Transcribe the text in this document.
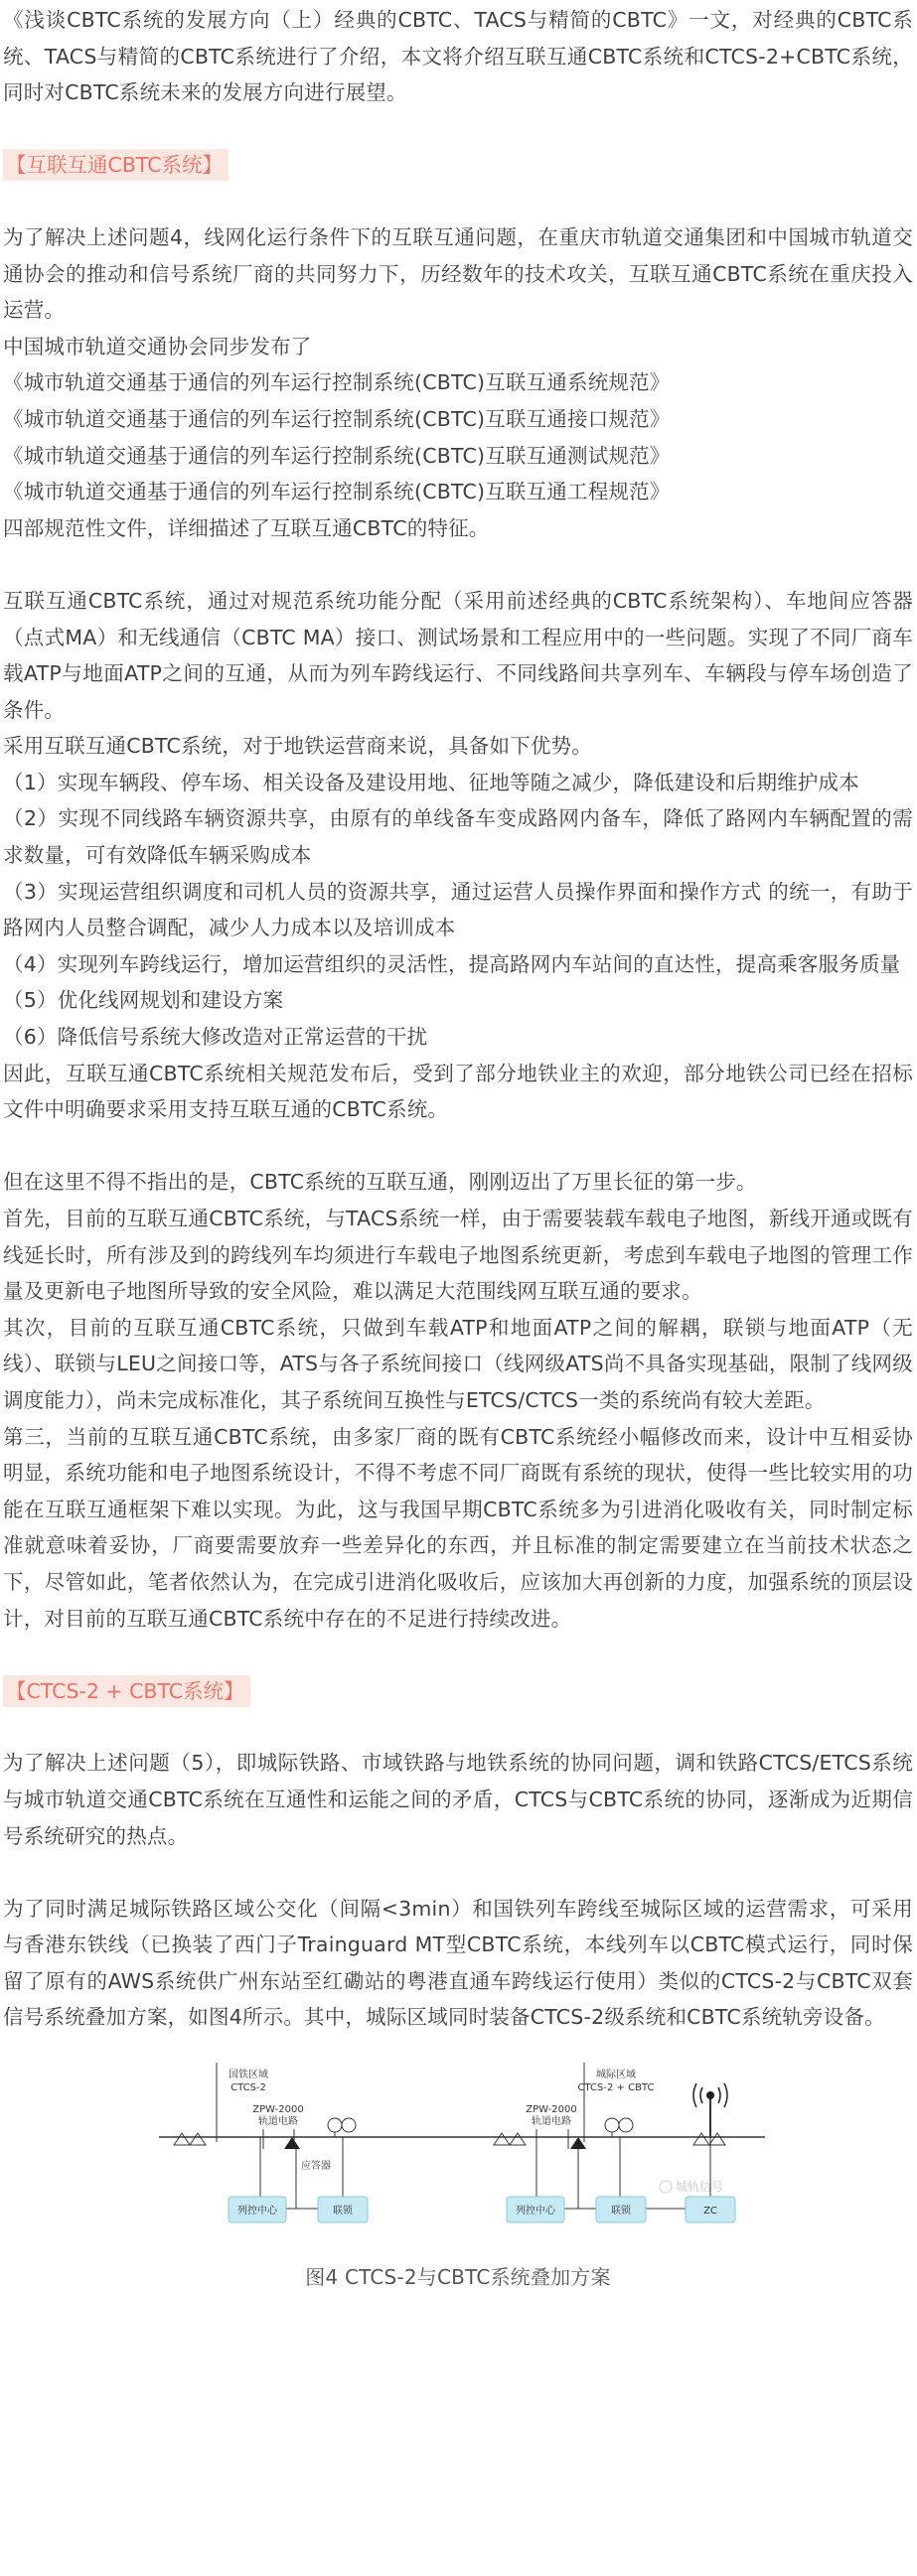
《浅谈CBTC系统的发展方向（上）经典的CBTC、TACS与精简的CBTC》一文，对经典的CBTC系统、TACS与精简的CBTC系统进行了介绍，本文将介绍互联互通CBTC系统和CTCS-2+CBTC系统，同时对CBTC系统未来的发展方向进行展望。

【互联互通CBTC系统】

为了解决上述问题4，线网化运行条件下的互联互通问题，在重庆市轨道交通集团和中国城市轨道交通协会的推动和信号系统厂商的共同努力下，历经数年的技术攻关，互联互通CBTC系统在重庆投入运营。

中国城市轨道交通协会同步发布了

《城市轨道交通基于通信的列车运行控制系统(CBTC)互联互通系统规范》

《城市轨道交通基于通信的列车运行控制系统(CBTC)互联互通接口规范》

《城市轨道交通基于通信的列车运行控制系统(CBTC)互联互通测试规范》

《城市轨道交通基于通信的列车运行控制系统(CBTC)互联互通工程规范》

四部规范性文件，详细描述了互联互通CBTC的特征。

互联互通CBTC系统，通过对规范系统功能分配（采用前述经典的CBTC系统架构）、车地间应答器（点式MA）和无线通信（CBTC MA）接口、测试场景和工程应用中的一些问题。实现了不同厂商车载ATP与地面ATP之间的互通，从而为列车跨线运行、不同线路间共享列车、车辆段与停车场创造了条件。

采用互联互通CBTC系统，对于地铁运营商来说，具备如下优势。

（1）实现车辆段、停车场、相关设备及建设用地、征地等随之减少，降低建设和后期维护成本

（2）实现不同线路车辆资源共享，由原有的单线备车变成路网内备车，降低了路网内车辆配置的需求数量，可有效降低车辆采购成本

（3）实现运营组织调度和司机人员的资源共享，通过运营人员操作界面和操作方式 的统一，有助于路网内人员整合调配，减少人力成本以及培训成本

（4）实现列车跨线运行，增加运营组织的灵活性，提高路网内车站间的直达性，提高乘客服务质量

（5）优化线网规划和建设方案

（6）降低信号系统大修改造对正常运营的干扰

因此，互联互通CBTC系统相关规范发布后，受到了部分地铁业主的欢迎，部分地铁公司已经在招标文件中明确要求采用支持互联互通的CBTC系统。

但在这里不得不指出的是，CBTC系统的互联互通，刚刚迈出了万里长征的第一步。

首先，目前的互联互通CBTC系统，与TACS系统一样，由于需要装载车载电子地图，新线开通或既有线延长时，所有涉及到的跨线列车均须进行车载电子地图系统更新，考虑到车载电子地图的管理工作量及更新电子地图所导致的安全风险，难以满足大范围线网互联互通的要求。

其次，目前的互联互通CBTC系统，只做到车载ATP和地面ATP之间的解耦，联锁与地面ATP（无线）、联锁与LEU之间接口等，ATS与各子系统间接口（线网级ATS尚不具备实现基础，限制了线网级调度能力），尚未完成标准化，其子系统间互换性与ETCS/CTCS一类的系统尚有较大差距。

第三，当前的互联互通CBTC系统，由多家厂商的既有CBTC系统经小幅修改而来，设计中互相妥协明显，系统功能和电子地图系统设计，不得不考虑不同厂商既有系统的现状，使得一些比较实用的功能在互联互通框架下难以实现。为此，这与我国早期CBTC系统多为引进消化吸收有关，同时制定标准就意味着妥协，厂商要需要放弃一些差异化的东西，并且标准的制定需要建立在当前技术状态之下，尽管如此，笔者依然认为，在完成引进消化吸收后，应该加大再创新的力度，加强系统的顶层设计，对目前的互联互通CBTC系统中存在的不足进行持续改进。

【CTCS-2 + CBTC系统】

为了解决上述问题（5），即城际铁路、市域铁路与地铁系统的协同问题，调和铁路CTCS/ETCS系统与城市轨道交通CBTC系统在互通性和运能之间的矛盾，CTCS与CBTC系统的协同，逐渐成为近期信号系统研究的热点。

为了同时满足城际铁路区域公交化（间隔<3min）和国铁列车跨线至城际区域的运营需求，可采用与香港东铁线（已换装了西门子Trainguard MT型CBTC系统，本线列车以CBTC模式运行，同时保留了原有的AWS系统供广州东站至红磡站的粤港直通车跨线运行使用）类似的CTCS-2与CBTC双套信号系统叠加方案，如图4所示。其中，城际区域同时装备CTCS-2级系统和CBTC系统轨旁设备。

国铁区域
CTCS-2
城际区域
CTCS-2 + CBTC
ZPW-2000
轨道电路
应答器
列控中心	联锁
ZPW-2000
轨道电路
列控中心	联锁	ZC
城轨信号

图4 CTCS-2与CBTC系统叠加方案
